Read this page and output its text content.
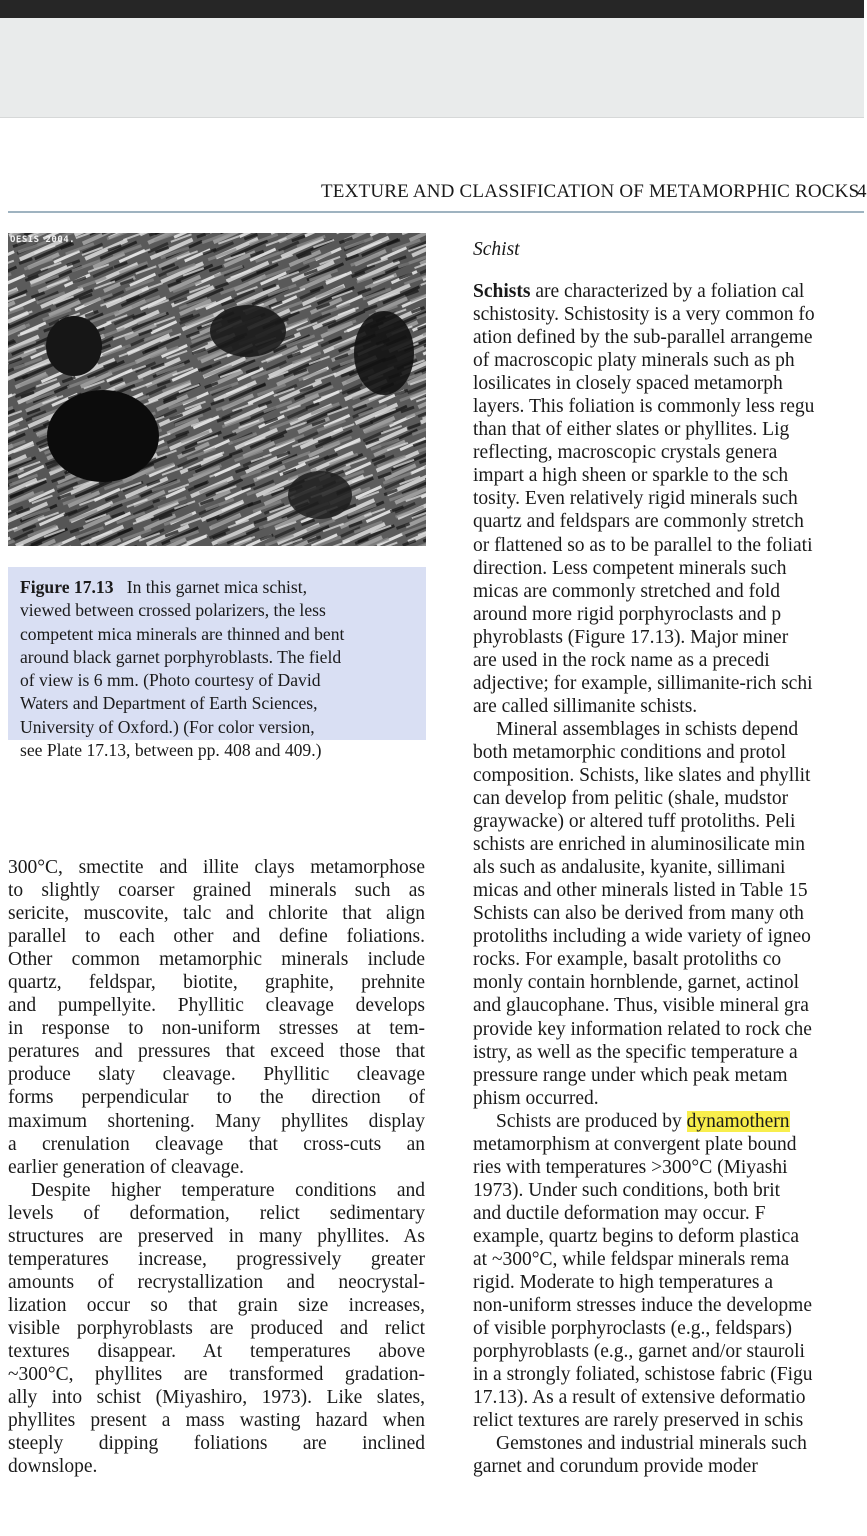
TEXTURE AND CLASSIFICATION OF METAMORPHIC ROCKS
4
OESIS 2004.
Figure 17.13 In this garnet mica schist,
viewed between crossed polarizers, the less
competent mica minerals are thinned and bent
around black garnet porphyroblasts. The field
of view is 6 mm. (Photo courtesy of David
Waters and Department of Earth Sciences,
University of Oxford.) (For color version,
see Plate 17.13, between pp. 408 and 409.)
300°C, smectite and illite clays metamorphose
to slightly coarser grained minerals such as
sericite, muscovite, talc and chlorite that align
parallel to each other and define foliations.
Other common metamorphic minerals include
quartz, feldspar, biotite, graphite, prehnite
and pumpellyite. Phyllitic cleavage develops
in response to non-uniform stresses at tem-
peratures and pressures that exceed those that
produce slaty cleavage. Phyllitic cleavage
forms perpendicular to the direction of
maximum shortening. Many phyllites display
a crenulation cleavage that cross-cuts an
earlier generation of cleavage.
Despite higher temperature conditions and
levels of deformation, relict sedimentary
structures are preserved in many phyllites. As
temperatures increase, progressively greater
amounts of recrystallization and neocrystal-
lization occur so that grain size increases,
visible porphyroblasts are produced and relict
textures disappear. At temperatures above
~300°C, phyllites are transformed gradation-
ally into schist (Miyashiro, 1973). Like slates,
phyllites present a mass wasting hazard when
steeply dipping foliations are inclined
downslope.
Schist
Schists are characterized by a foliation cal
schistosity. Schistosity is a very common fo
ation defined by the sub-parallel arrangeme
of macroscopic platy minerals such as ph
losilicates in closely spaced metamorph
layers. This foliation is commonly less regu
than that of either slates or phyllites. Lig
reflecting, macroscopic crystals genera
impart a high sheen or sparkle to the sch
tosity. Even relatively rigid minerals such
quartz and feldspars are commonly stretch
or flattened so as to be parallel to the foliati
direction. Less competent minerals such
micas are commonly stretched and fold
around more rigid porphyroclasts and p
phyroblasts (Figure 17.13). Major miner
are used in the rock name as a precedi
adjective; for example, sillimanite-rich schi
are called sillimanite schists.
Mineral assemblages in schists depend
both metamorphic conditions and protol
composition. Schists, like slates and phyllit
can develop from pelitic (shale, mudstor
graywacke) or altered tuff protoliths. Peli
schists are enriched in aluminosilicate min
als such as andalusite, kyanite, sillimani
micas and other minerals listed in Table 15
Schists can also be derived from many oth
protoliths including a wide variety of igneo
rocks. For example, basalt protoliths co
monly contain hornblende, garnet, actinol
and glaucophane. Thus, visible mineral gra
provide key information related to rock che
istry, as well as the specific temperature a
pressure range under which peak metam
phism occurred.
Schists are produced by dynamothern
metamorphism at convergent plate bound
ries with temperatures >300°C (Miyashi
1973). Under such conditions, both brit
and ductile deformation may occur. F
example, quartz begins to deform plastica
at ~300°C, while feldspar minerals rema
rigid. Moderate to high temperatures a
non-uniform stresses induce the developme
of visible porphyroclasts (e.g., feldspars)
porphyroblasts (e.g., garnet and/or stauroli
in a strongly foliated, schistose fabric (Figu
17.13). As a result of extensive deformatio
relict textures are rarely preserved in schis
Gemstones and industrial minerals such
garnet and corundum provide moder
